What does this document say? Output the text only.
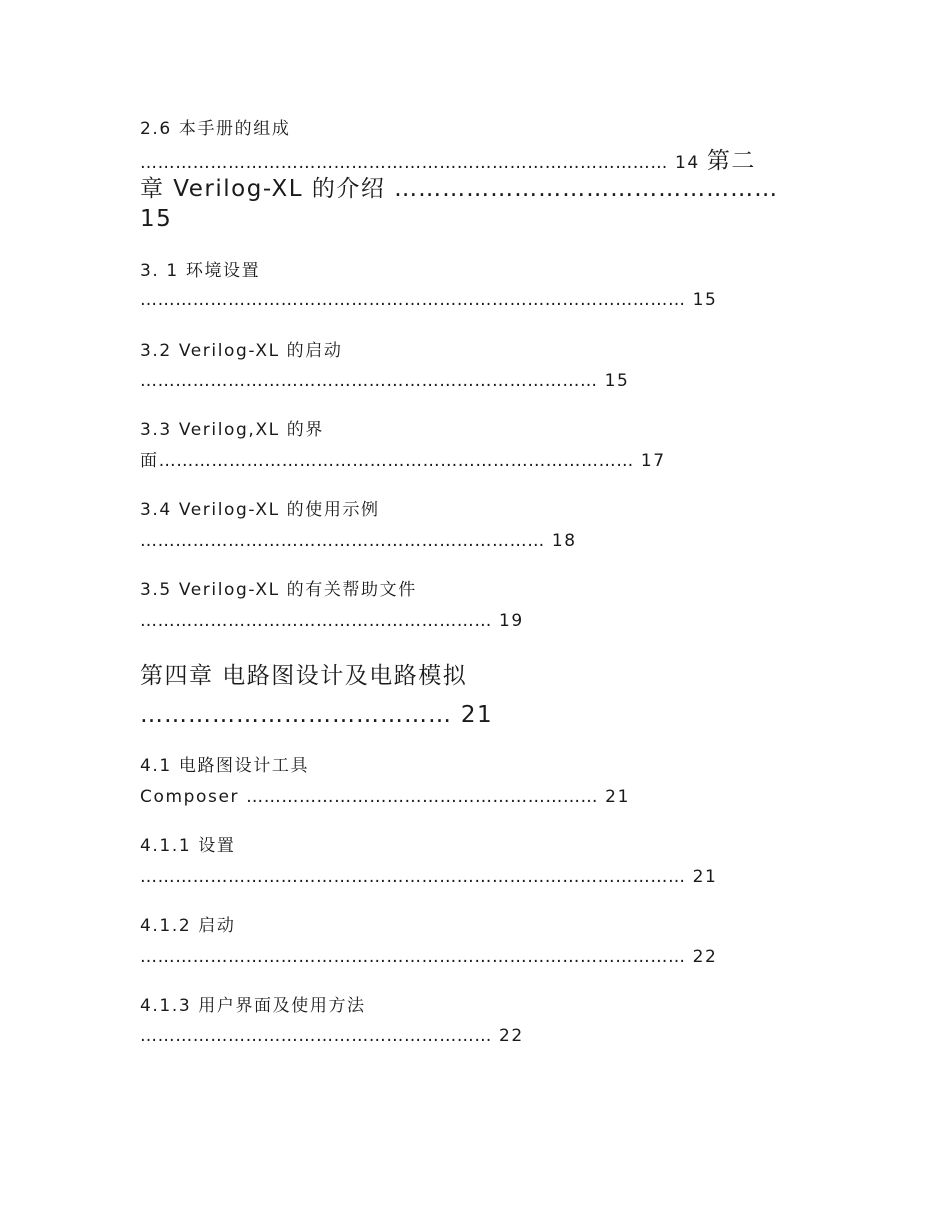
2.6 本手册的组成
……………………………………………………………………………… 14 第二
章 Verilog-XL 的介绍 …………………………………………
15
3. 1 环境设置
………………………………………………………………………………… 15
3.2 Verilog-XL 的启动
…………………………………………………………………… 15
3.3 Verilog,XL 的界
面……………………………………………………………………… 17
3.4 Verilog-XL 的使用示例
…………………………………………………………… 18
3.5 Verilog-XL 的有关帮助文件
…………………………………………………… 19
第四章 电路图设计及电路模拟
………………………………… 21
4.1 电路图设计工具
Composer …………………………………………………… 21
4.1.1 设置
………………………………………………………………………………… 21
4.1.2 启动
………………………………………………………………………………… 22
4.1.3 用户界面及使用方法
…………………………………………………… 22
